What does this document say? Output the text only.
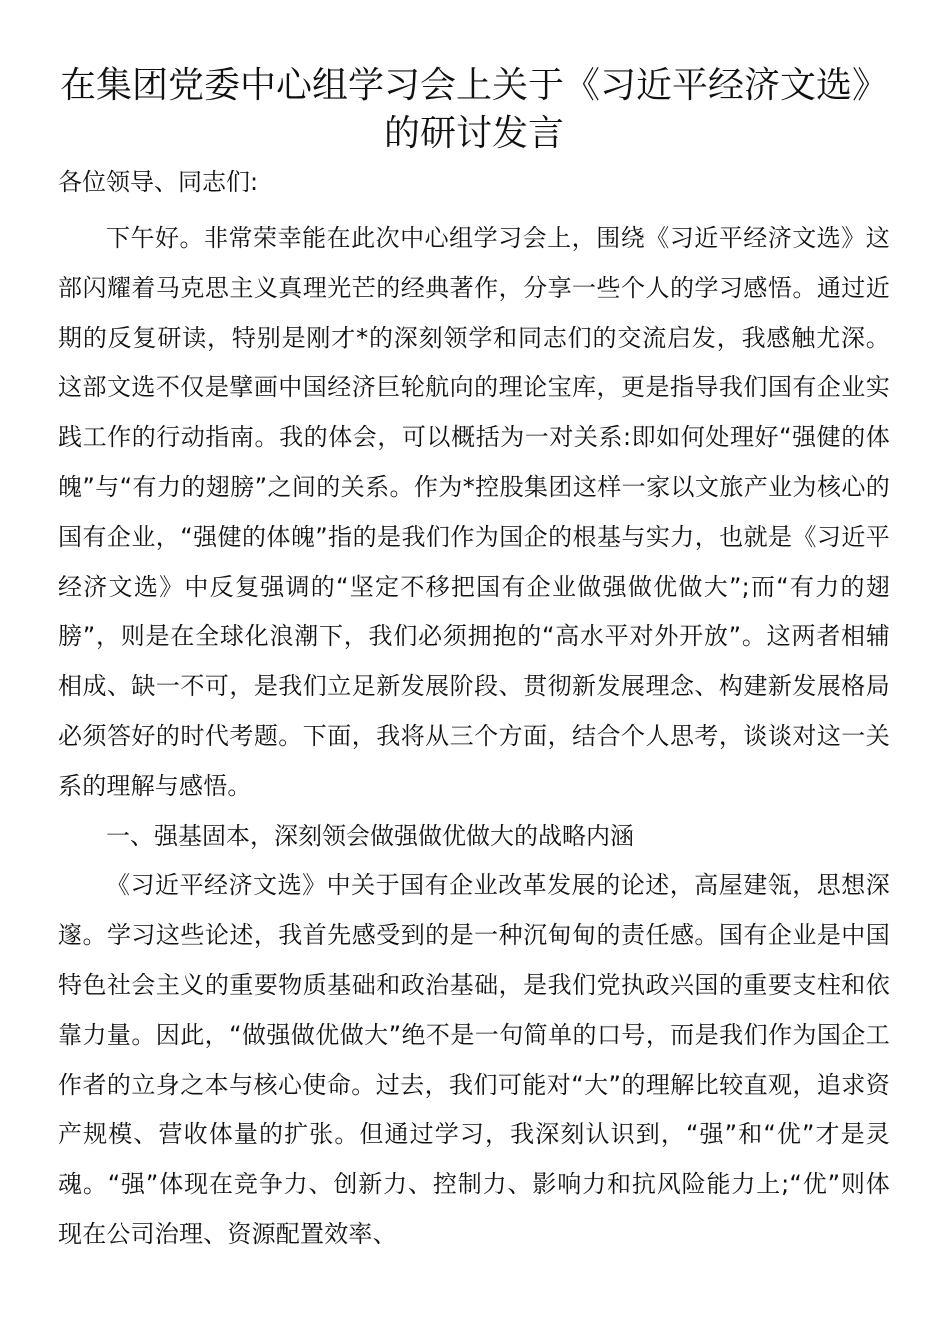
在集团党委中心组学习会上关于《习近平经济文选》
的研讨发言

各位领导、同志们:

下午好。非常荣幸能在此次中心组学习会上，围绕《习近平经济文选》这部闪耀着马克思主义真理光芒的经典著作，分享一些个人的学习感悟。通过近期的反复研读，特别是刚才*的深刻领学和同志们的交流启发，我感触尤深。这部文选不仅是擘画中国经济巨轮航向的理论宝库，更是指导我们国有企业实践工作的行动指南。我的体会，可以概括为一对关系:即如何处理好“强健的体魄”与“有力的翅膀”之间的关系。作为*控股集团这样一家以文旅产业为核心的国有企业，“强健的体魄”指的是我们作为国企的根基与实力，也就是《习近平经济文选》中反复强调的“坚定不移把国有企业做强做优做大”;而“有力的翅膀”，则是在全球化浪潮下，我们必须拥抱的“高水平对外开放”。这两者相辅相成、缺一不可，是我们立足新发展阶段、贯彻新发展理念、构建新发展格局必须答好的时代考题。下面，我将从三个方面，结合个人思考，谈谈对这一关系的理解与感悟。

一、强基固本，深刻领会做强做优做大的战略内涵

《习近平经济文选》中关于国有企业改革发展的论述，高屋建瓴，思想深邃。学习这些论述，我首先感受到的是一种沉甸甸的责任感。国有企业是中国特色社会主义的重要物质基础和政治基础，是我们党执政兴国的重要支柱和依靠力量。因此，“做强做优做大”绝不是一句简单的口号，而是我们作为国企工作者的立身之本与核心使命。过去，我们可能对“大”的理解比较直观，追求资产规模、营收体量的扩张。但通过学习，我深刻认识到，“强”和“优”才是灵魂。“强”体现在竞争力、创新力、控制力、影响力和抗风险能力上;“优”则体现在公司治理、资源配置效率、
